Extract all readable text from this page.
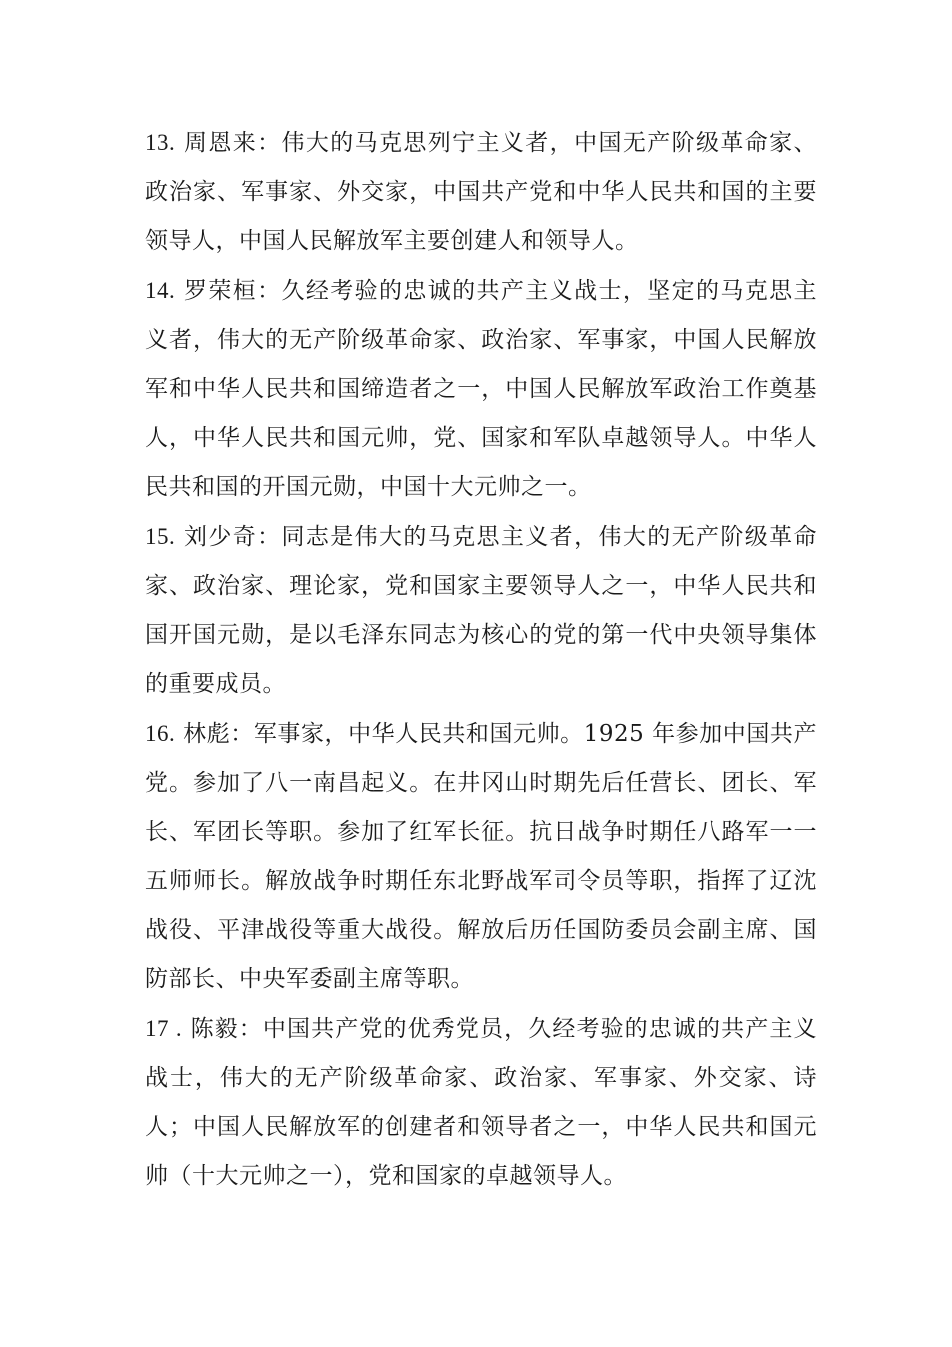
13. 周恩来：伟大的马克思列宁主义者，中国无产阶级革命家、政治家、军事家、外交家，中国共产党和中华人民共和国的主要领导人，中国人民解放军主要创建人和领导人。

14. 罗荣桓：久经考验的忠诚的共产主义战士，坚定的马克思主义者，伟大的无产阶级革命家、政治家、军事家，中国人民解放军和中华人民共和国缔造者之一，中国人民解放军政治工作奠基人，中华人民共和国元帅，党、国家和军队卓越领导人。中华人民共和国的开国元勋，中国十大元帅之一。

15. 刘少奇：同志是伟大的马克思主义者，伟大的无产阶级革命家、政治家、理论家，党和国家主要领导人之一，中华人民共和国开国元勋，是以毛泽东同志为核心的党的第一代中央领导集体的重要成员。

16. 林彪：军事家，中华人民共和国元帅。1925 年参加中国共产党。参加了八一南昌起义。在井冈山时期先后任营长、团长、军长、军团长等职。参加了红军长征。抗日战争时期任八路军一一五师师长。解放战争时期任东北野战军司令员等职，指挥了辽沈战役、平津战役等重大战役。解放后历任国防委员会副主席、国防部长、中央军委副主席等职。

17 . 陈毅：中国共产党的优秀党员，久经考验的忠诚的共产主义战士，伟大的无产阶级革命家、政治家、军事家、外交家、诗人；中国人民解放军的创建者和领导者之一，中华人民共和国元帅（十大元帅之一），党和国家的卓越领导人。
